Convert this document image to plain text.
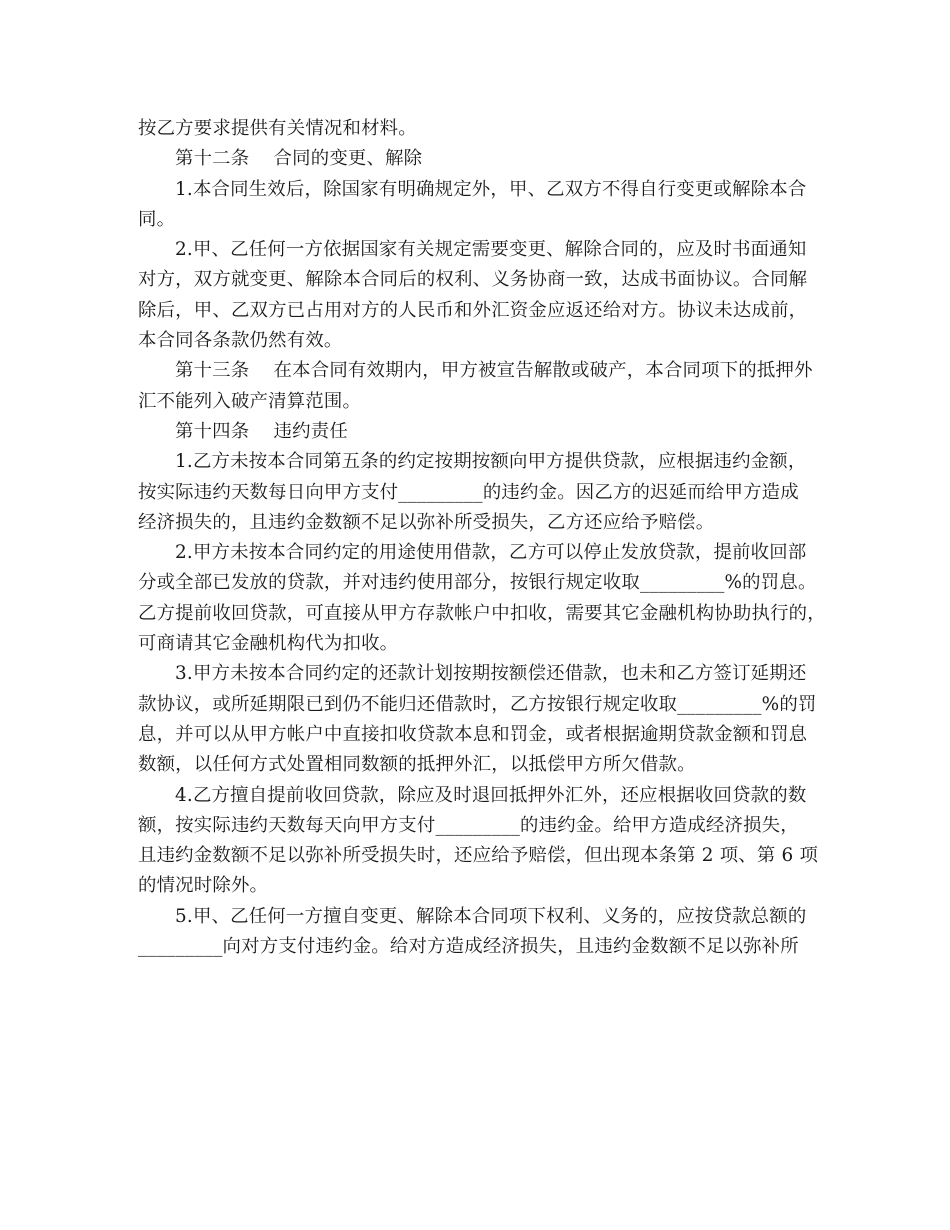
按乙方要求提供有关情况和材料。
第十二条    合同的变更、解除
1.本合同生效后，除国家有明确规定外，甲、乙双方不得自行变更或解除本合
同。
2.甲、乙任何一方依据国家有关规定需要变更、解除合同的，应及时书面通知
对方，双方就变更、解除本合同后的权利、义务协商一致，达成书面协议。合同解
除后，甲、乙双方已占用对方的人民币和外汇资金应返还给对方。协议未达成前，
本合同各条款仍然有效。
第十三条    在本合同有效期内，甲方被宣告解散或破产，本合同项下的抵押外
汇不能列入破产清算范围。
第十四条    违约责任
1.乙方未按本合同第五条的约定按期按额向甲方提供贷款，应根据违约金额，
按实际违约天数每日向甲方支付_________的违约金。因乙方的迟延而给甲方造成
经济损失的，且违约金数额不足以弥补所受损失，乙方还应给予赔偿。
2.甲方未按本合同约定的用途使用借款，乙方可以停止发放贷款，提前收回部
分或全部已发放的贷款，并对违约使用部分，按银行规定收取_________%的罚息。
乙方提前收回贷款，可直接从甲方存款帐户中扣收，需要其它金融机构协助执行的，
可商请其它金融机构代为扣收。
3.甲方未按本合同约定的还款计划按期按额偿还借款，也未和乙方签订延期还
款协议，或所延期限已到仍不能归还借款时，乙方按银行规定收取_________%的罚
息，并可以从甲方帐户中直接扣收贷款本息和罚金，或者根据逾期贷款金额和罚息
数额，以任何方式处置相同数额的抵押外汇，以抵偿甲方所欠借款。
4.乙方擅自提前收回贷款，除应及时退回抵押外汇外，还应根据收回贷款的数
额，按实际违约天数每天向甲方支付_________的违约金。给甲方造成经济损失，
且违约金数额不足以弥补所受损失时，还应给予赔偿，但出现本条第 2 项、第 6 项
的情况时除外。
5.甲、乙任何一方擅自变更、解除本合同项下权利、义务的，应按贷款总额的
_________向对方支付违约金。给对方造成经济损失，且违约金数额不足以弥补所
